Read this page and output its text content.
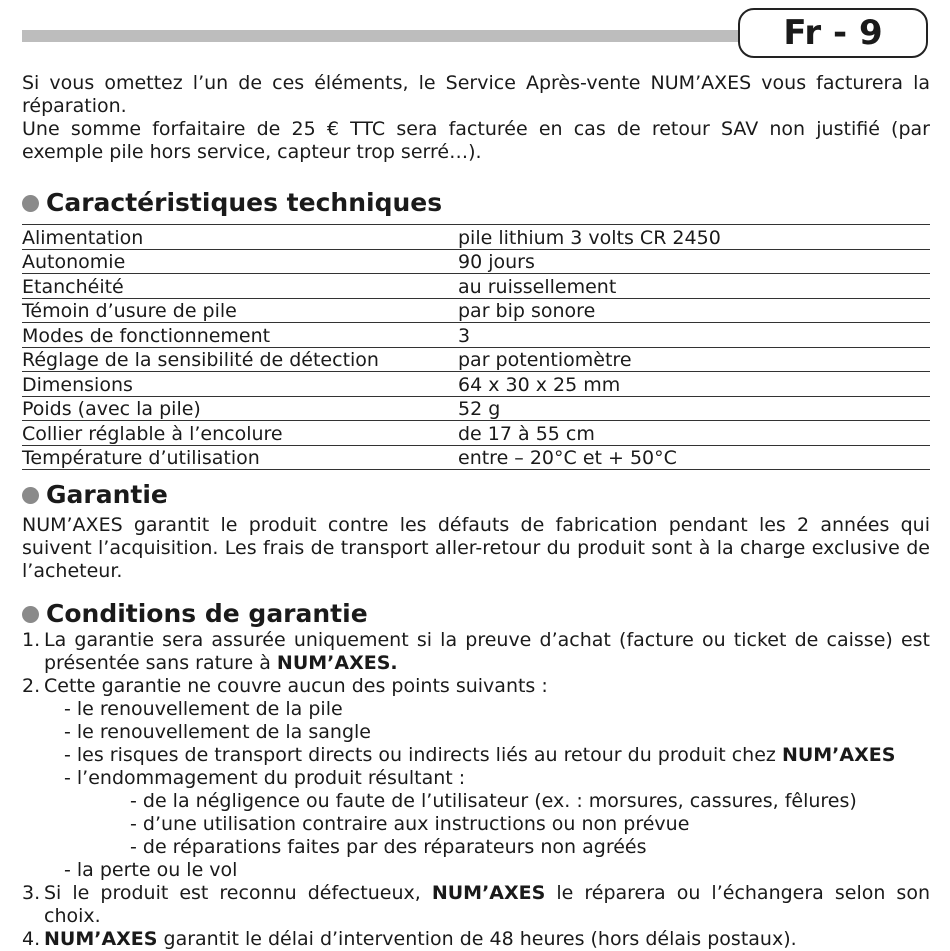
Fr - 9

Si vous omettez l’un de ces éléments, le Service Après-vente NUM’AXES vous facturera la réparation.

Une somme forfaitaire de 25 € TTC sera facturée en cas de retour SAV non justifié (par exemple pile hors service, capteur trop serré…).

Caractéristiques techniques
Alimentation	pile lithium 3 volts CR 2450
Autonomie	90 jours
Etanchéité	au ruissellement
Témoin d’usure de pile	par bip sonore
Modes de fonctionnement	3
Réglage de la sensibilité de détection	par potentiomètre
Dimensions	64 x 30 x 25 mm
Poids (avec la pile)	52 g
Collier réglable à l’encolure	de 17 à 55 cm
Température d’utilisation	entre – 20°C et + 50°C
Garantie

NUM’AXES garantit le produit contre les défauts de fabrication pendant les 2 années qui suivent l’acquisition. Les frais de transport aller-retour du produit sont à la charge exclusive de l’acheteur.

Conditions de garantie
1. La garantie sera assurée uniquement si la preuve d’achat (facture ou ticket de caisse) est présentée sans rature à NUM’AXES.
2. Cette garantie ne couvre aucun des points suivants :
- le renouvellement de la pile
- le renouvellement de la sangle
- les risques de transport directs ou indirects liés au retour du produit chez NUM’AXES
- l’endommagement du produit résultant :
- de la négligence ou faute de l’utilisateur (ex. : morsures, cassures, fêlures)
- d’une utilisation contraire aux instructions ou non prévue
- de réparations faites par des réparateurs non agréés
- la perte ou le vol
3. Si le produit est reconnu défectueux, NUM’AXES le réparera ou l’échangera selon son choix.
4. NUM’AXES garantit le délai d’intervention de 48 heures (hors délais postaux).
